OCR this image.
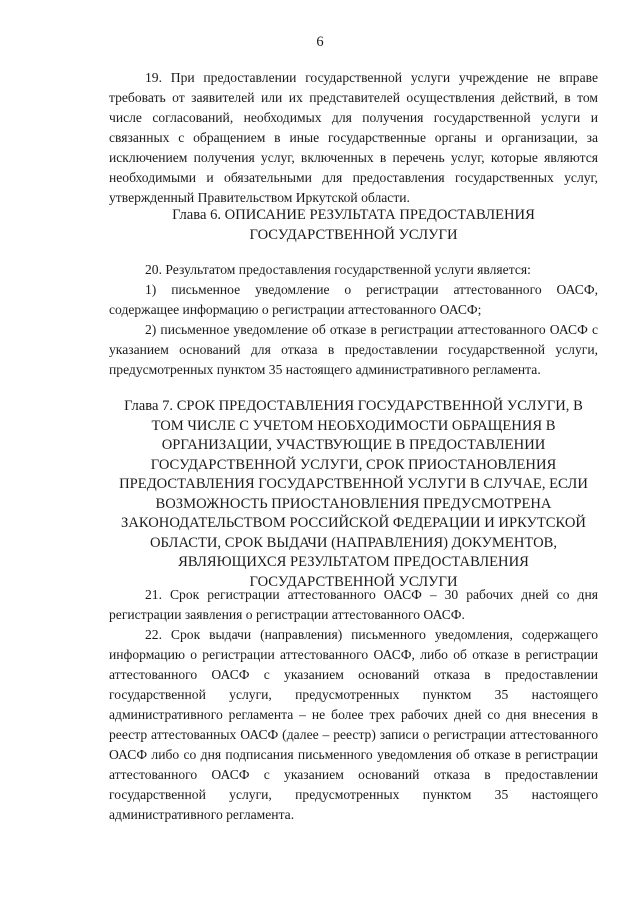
6

19. При предоставлении государственной услуги учреждение не вправе требовать от заявителей или их представителей осуществления действий, в том числе согласований, необходимых для получения государственной услуги и связанных с обращением в иные государственные органы и организации, за исключением получения услуг, включенных в перечень услуг, которые являются необходимыми и обязательными для предоставления государственных услуг, утвержденный Правительством Иркутской области.

Глава 6. ОПИСАНИЕ РЕЗУЛЬТАТА ПРЕДОСТАВЛЕНИЯ

ГОСУДАРСТВЕННОЙ УСЛУГИ

20. Результатом предоставления государственной услуги является:

1) письменное уведомление о регистрации аттестованного ОАСФ, содержащее информацию о регистрации аттестованного ОАСФ;

2) письменное уведомление об отказе в регистрации аттестованного ОАСФ с указанием оснований для отказа в предоставлении государственной услуги, предусмотренных пунктом 35 настоящего административного регламента.

Глава 7. СРОК ПРЕДОСТАВЛЕНИЯ ГОСУДАРСТВЕННОЙ УСЛУГИ, В

ТОМ ЧИСЛЕ С УЧЕТОМ НЕОБХОДИМОСТИ ОБРАЩЕНИЯ В

ОРГАНИЗАЦИИ, УЧАСТВУЮЩИЕ В ПРЕДОСТАВЛЕНИИ

ГОСУДАРСТВЕННОЙ УСЛУГИ, СРОК ПРИОСТАНОВЛЕНИЯ

ПРЕДОСТАВЛЕНИЯ ГОСУДАРСТВЕННОЙ УСЛУГИ В СЛУЧАЕ, ЕСЛИ

ВОЗМОЖНОСТЬ ПРИОСТАНОВЛЕНИЯ ПРЕДУСМОТРЕНА

ЗАКОНОДАТЕЛЬСТВОМ РОССИЙСКОЙ ФЕДЕРАЦИИ И ИРКУТСКОЙ

ОБЛАСТИ, СРОК ВЫДАЧИ (НАПРАВЛЕНИЯ) ДОКУМЕНТОВ,

ЯВЛЯЮЩИХСЯ РЕЗУЛЬТАТОМ ПРЕДОСТАВЛЕНИЯ

ГОСУДАРСТВЕННОЙ УСЛУГИ

21. Срок регистрации аттестованного ОАСФ – 30 рабочих дней со дня регистрации заявления о регистрации аттестованного ОАСФ.

22. Срок выдачи (направления) письменного уведомления, содержащего информацию о регистрации аттестованного ОАСФ, либо об отказе в регистрации аттестованного ОАСФ с указанием оснований отказа в предоставлении государственной услуги, предусмотренных пунктом 35 настоящего административного регламента – не более трех рабочих дней со дня внесения в реестр аттестованных ОАСФ (далее – реестр) записи о регистрации аттестованного ОАСФ либо со дня подписания письменного уведомления об отказе в регистрации аттестованного ОАСФ с указанием оснований отказа в предоставлении государственной услуги, предусмотренных пунктом 35 настоящего административного регламента.
